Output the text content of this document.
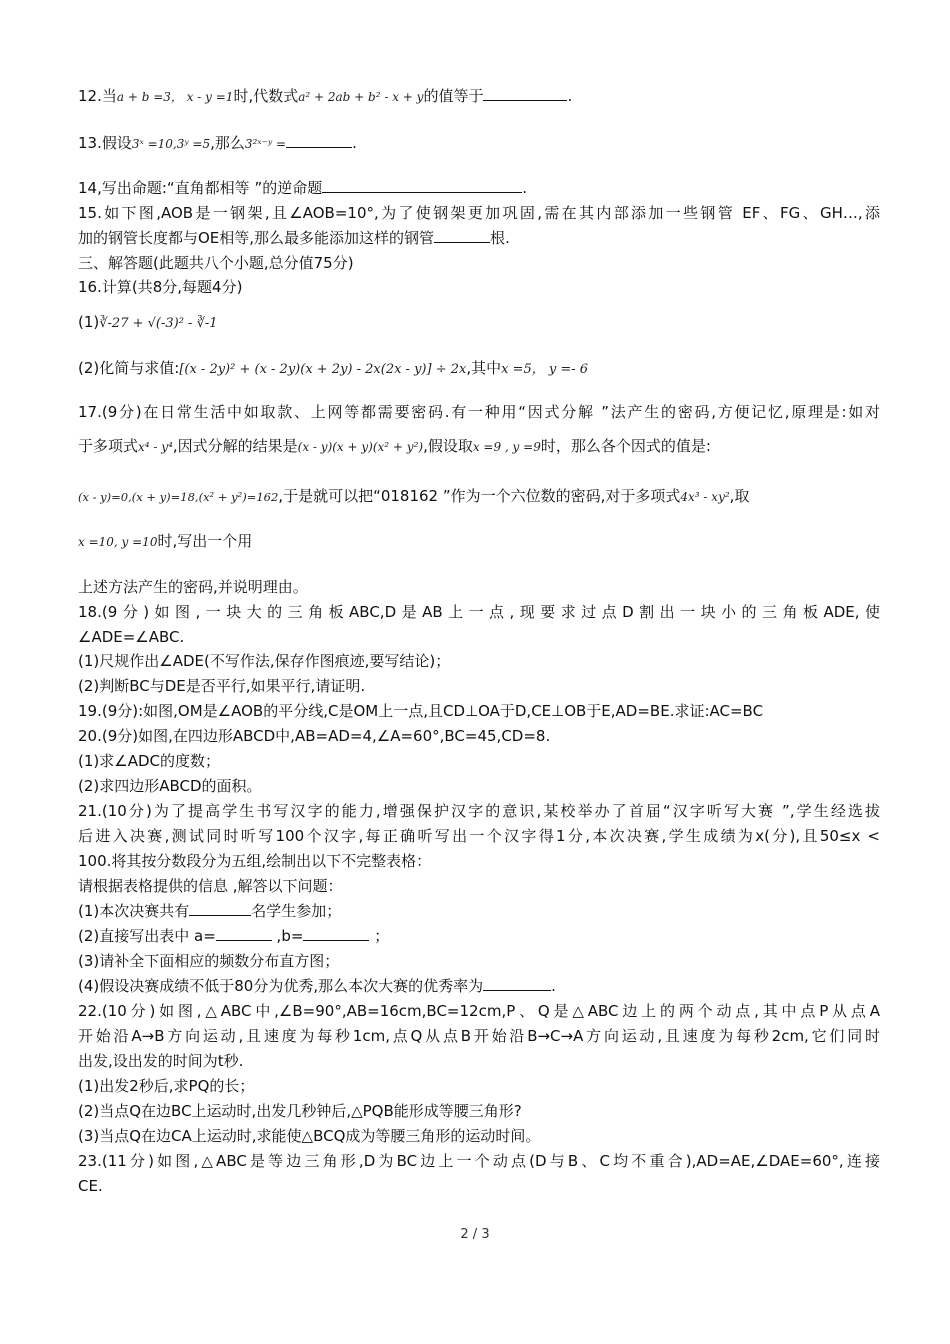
12.当a + b =3， x - y =1时,代数式a² + 2ab + b² - x + y的值等于	.
13.假设3ˣ =10,3ʸ =5,那么3²ˣ⁻ʸ =	.
14,写出命题:“直角都相等 ”的逆命题	.
15.如下图,AOB是一钢架,且∠AOB=10°,为了使钢架更加巩固,需在其内部添加一些钢管 EF、FG、GH…,添
加的钢管长度都与OE相等,那么最多能添加这样的钢管	根.
三、解答题(此题共八个小题,总分值75分)
16.计算(共8分,每题4分)
(1)∛-27 + √(-3)² - ∛-1
(2)化简与求值:[(x - 2y)² + (x - 2y)(x + 2y) - 2x(2x - y)] ÷ 2x,其中x =5， y =- 6
17.(9分)在日常生活中如取款、上网等都需要密码.有一种用“因式分解 ”法产生的密码,方便记忆,原理是:如对
于多项式x⁴ - y⁴,因式分解的结果是(x - y)(x + y)(x² + y²),假设取x =9 , y =9时，那么各个因式的值是:
(x - y)=0,(x + y)=18,(x² + y²)=162,于是就可以把“018162 ”作为一个六位数的密码,对于多项式4x³ - xy²,取
x =10, y =10时,写出一个用
上述方法产生的密码,并说明理由。
18.(9分)如图,一块大的三角板ABC,D是AB上一点,现要求过点D割出一块小的三角板ADE,使
∠ADE=∠ABC.
(1)尺规作出∠ADE(不写作法,保存作图痕迹,要写结论)；
(2)判断BC与DE是否平行,如果平行,请证明.
19.(9分):如图,OM是∠AOB的平分线,C是OM上一点,且CD⊥OA于D,CE⊥OB于E,AD=BE.求证:AC=BC
20.(9分)如图,在四边形ABCD中,AB=AD=4,∠A=60°,BC=45,CD=8.
(1)求∠ADC的度数；
(2)求四边形ABCD的面积。
21.(10分)为了提高学生书写汉字的能力,增强保护汉字的意识,某校举办了首届“汉字听写大赛 ”,学生经选拔
后进入决赛,测试同时听写100个汉字,每正确听写出一个汉字得1分,本次决赛,学生成绩为x(分),且50≤x <
100.将其按分数段分为五组,绘制出以下不完整表格：
请根据表格提供的信息 ,解答以下问题：
(1)本次决赛共有	名学生参加；
(2)直接写出表中 a=	,b=	；
(3)请补全下面相应的频数分布直方图；
(4)假设决赛成绩不低于80分为优秀,那么本次大赛的优秀率为	.
22.(10分)如图,△ABC中,∠B=90°,AB=16cm,BC=12cm,P、Q是△ABC边上的两个动点,其中点P从点A
开始沿A→B方向运动,且速度为每秒1cm,点Q从点B开始沿B→C→A方向运动,且速度为每秒2cm,它们同时
出发,设出发的时间为t秒.
(1)出发2秒后,求PQ的长；
(2)当点Q在边BC上运动时,出发几秒钟后,△PQB能形成等腰三角形?
(3)当点Q在边CA上运动时,求能使△BCQ成为等腰三角形的运动时间。
23.(11分)如图,△ABC是等边三角形,D为BC边上一个动点(D与B、C均不重合),AD=AE,∠DAE=60°,连接
CE.
2 / 3
